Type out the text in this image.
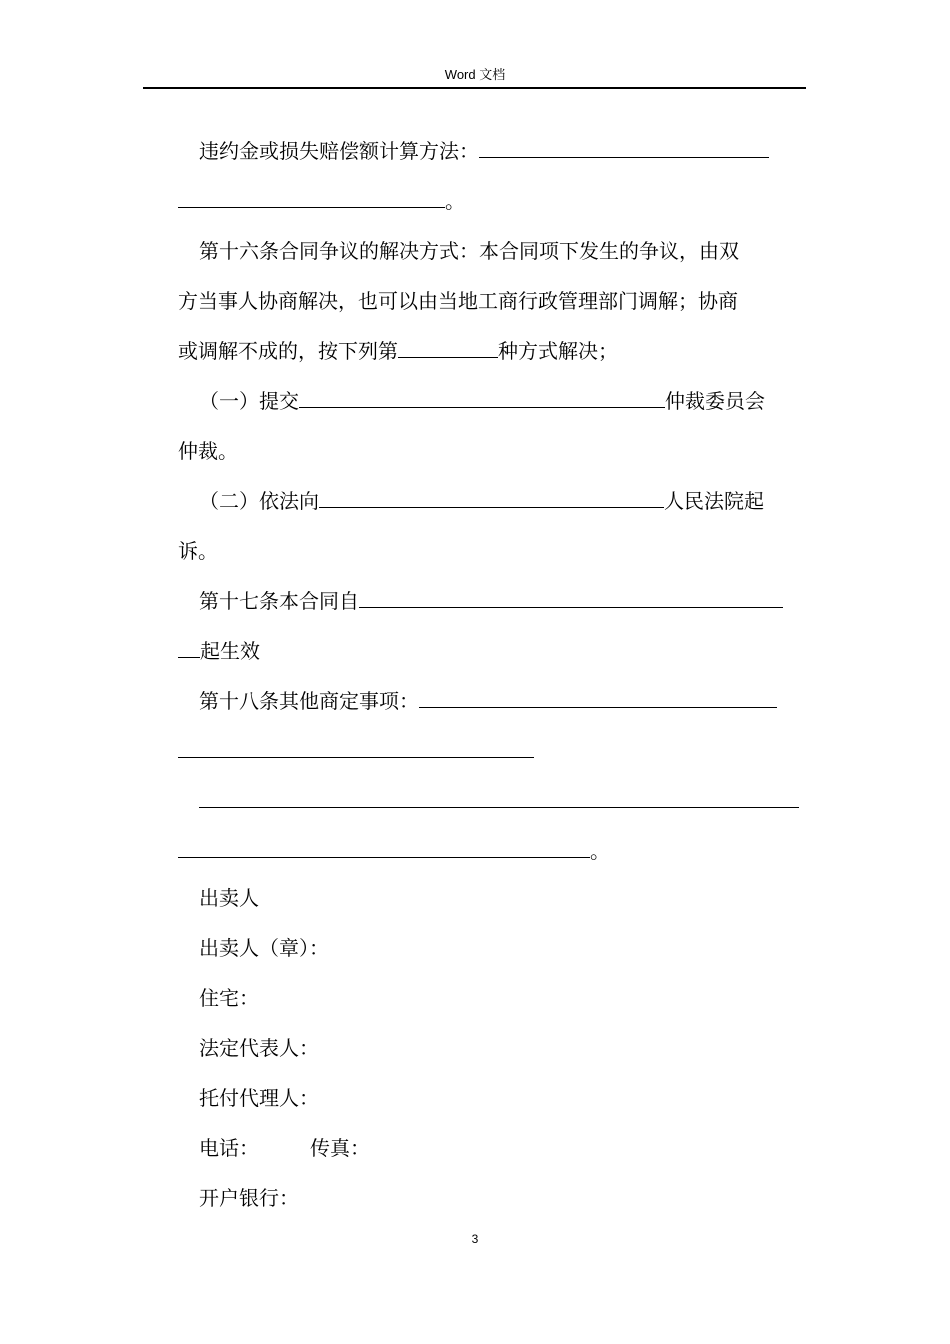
Word 文档
违约金或损失赔偿额计算方法：
。
第十六条合同争议的解决方式：本合同项下发生的争议，由双
方当事人协商解决，也可以由当地工商行政管理部门调解；协商
或调解不成的，按下列第	种方式解决；
（一）提交	仲裁委员会
仲裁。
（二）依法向	人民法院起
诉。
第十七条本合同自
起生效
第十八条其他商定事项：
。
出卖人
出卖人（章）：
住宅：
法定代表人：
托付代理人：
电话：	传真：
开户银行：
3
